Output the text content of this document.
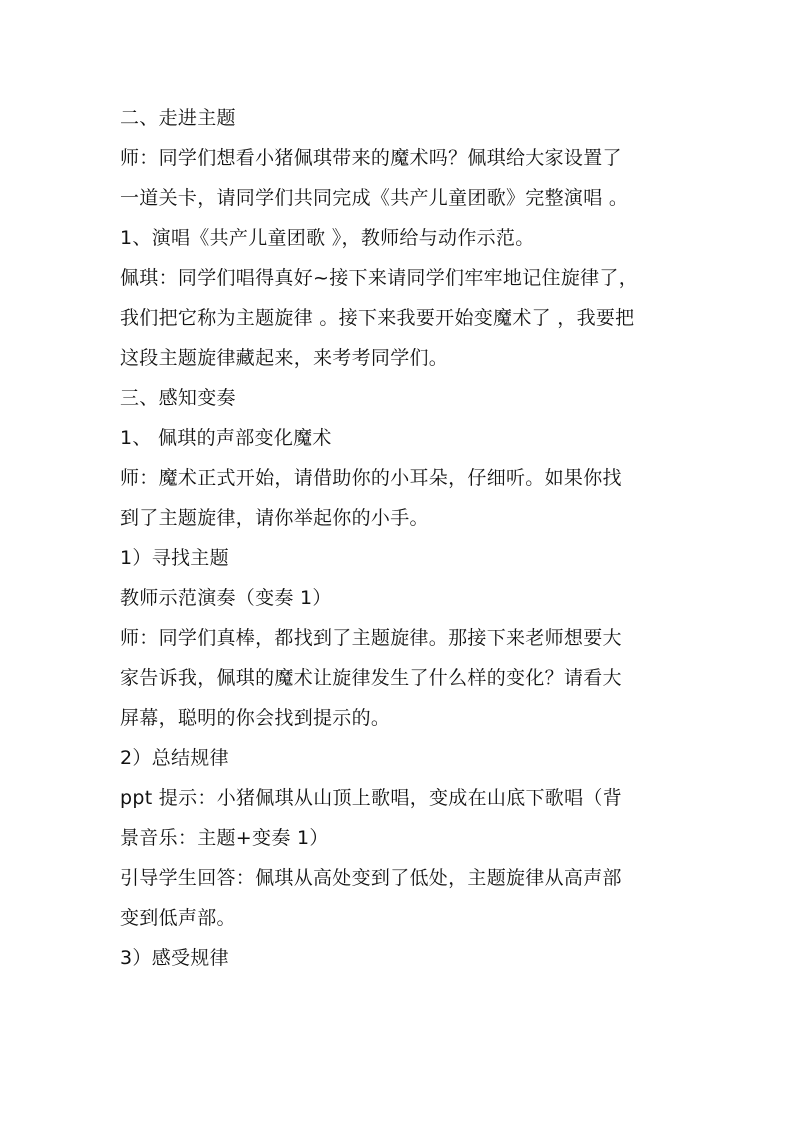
二、走进主题
师：同学们想看小猪佩琪带来的魔术吗？佩琪给大家设置了
一道关卡，请同学们共同完成《共产儿童团歌》完整演唱 。
1、演唱《共产儿童团歌 》，教师给与动作示范。
佩琪：同学们唱得真好~接下来请同学们牢牢地记住旋律了，
我们把它称为主题旋律 。接下来我要开始变魔术了 ，我要把
这段主题旋律藏起来，来考考同学们。
三、感知变奏
1、 佩琪的声部变化魔术
师：魔术正式开始，请借助你的小耳朵，仔细听。如果你找
到了主题旋律，请你举起你的小手。
1）寻找主题
教师示范演奏（变奏 1）
师：同学们真棒，都找到了主题旋律。那接下来老师想要大
家告诉我，佩琪的魔术让旋律发生了什么样的变化？请看大
屏幕，聪明的你会找到提示的。
2）总结规律
ppt 提示：小猪佩琪从山顶上歌唱，变成在山底下歌唱（背
景音乐：主题+变奏 1）
引导学生回答：佩琪从高处变到了低处，主题旋律从高声部
变到低声部。
3）感受规律
